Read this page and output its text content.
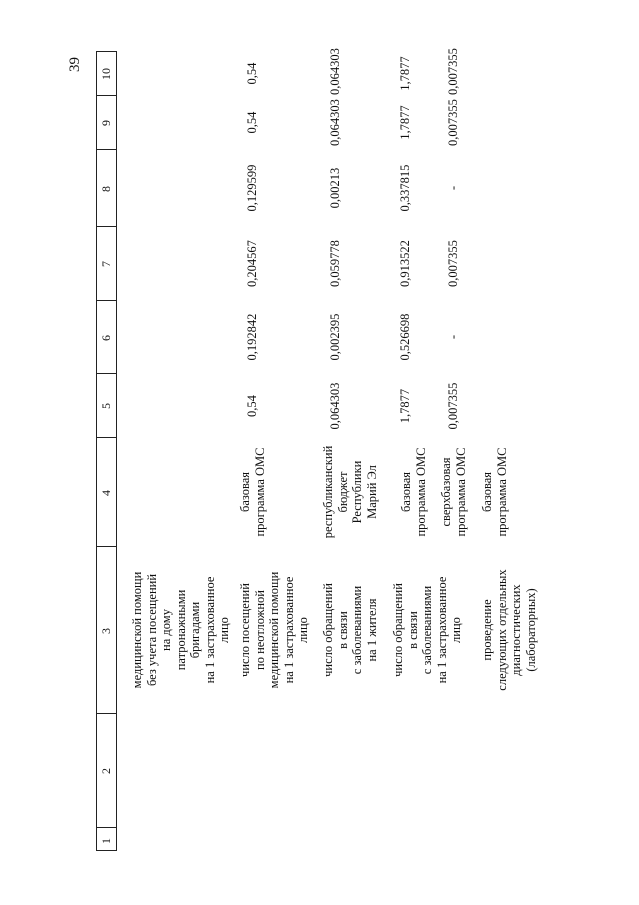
39
1
2
3
4
5
6
7
8
9
10
медицинской помощи без учета посещений на дому патронажными бригадами на 1 застрахованное лицо число посещений по неотложной медицинской помощи на 1 застрахованное лицо
базовая программа ОМС
0,54
0,192842
0,204567
0,129599
0,54
0,54
число обращений в связи с заболеваниями на 1 жителя
республиканский бюджет Республики Марий Эл
0,064303
0,002395
0,059778
0,00213
0,064303
0,064303
число обращений в связи с заболеваниями на 1 застрахованное лицо
базовая программа ОМС
1,7877
0,526698
0,913522
0,337815
1,7877
1,7877
сверхбазовая программа ОМС
0,007355
-
0,007355
-
0,007355
0,007355
проведение следующих отдельных диагностических (лабораторных)
базовая программа ОМС
